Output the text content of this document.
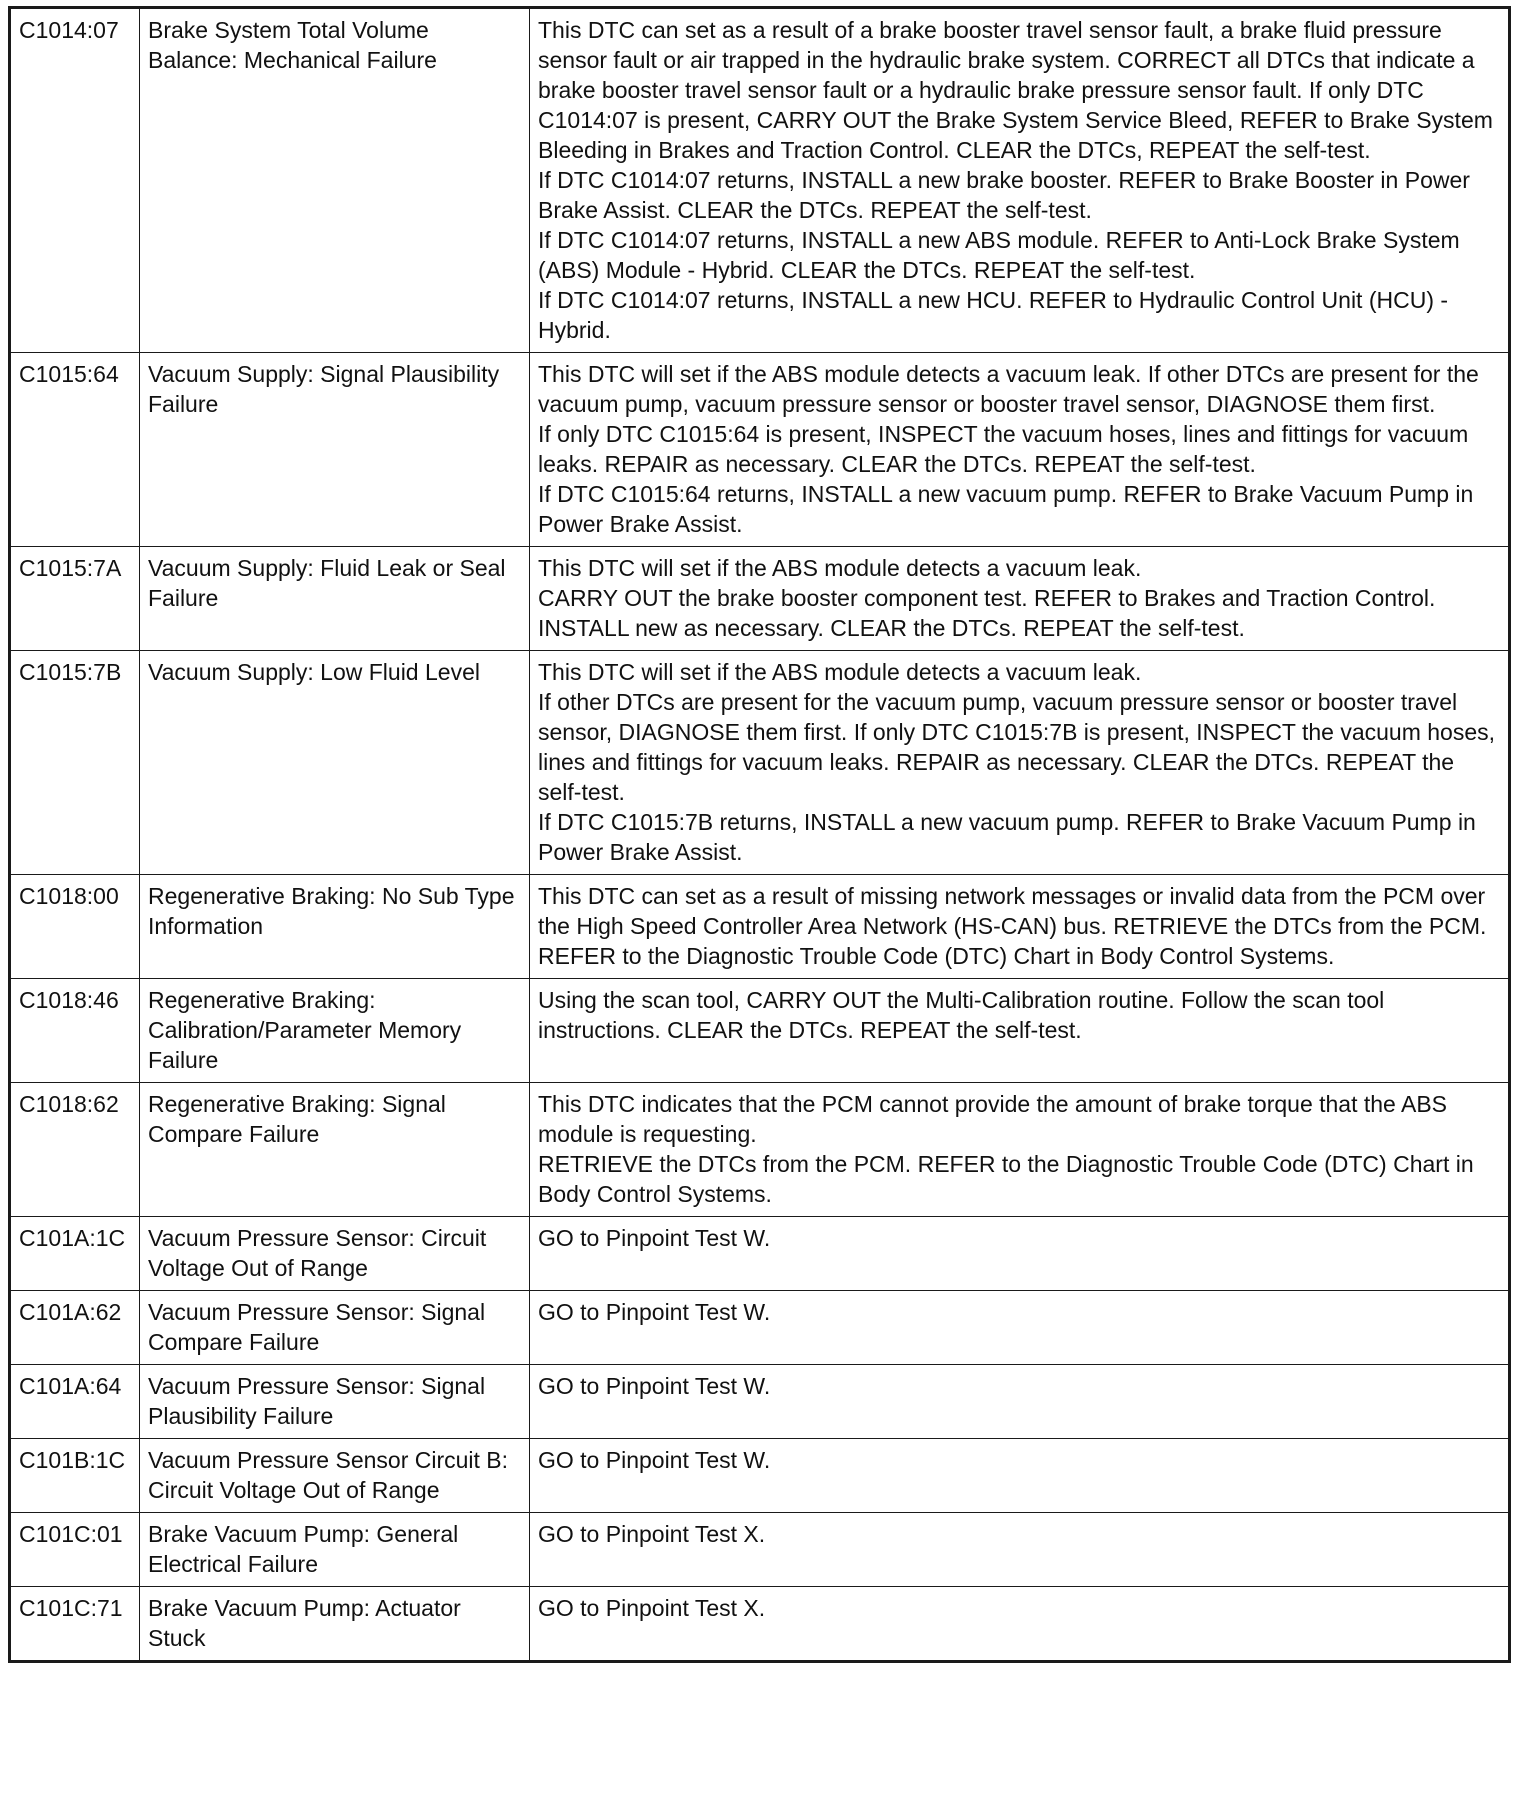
C1014:07	Brake System Total Volume Balance: Mechanical Failure	This DTC can set as a result of a brake booster travel sensor fault, a brake fluid pressure sensor fault or air trapped in the hydraulic brake system. CORRECT all DTCs that indicate a brake booster travel sensor fault or a hydraulic brake pressure sensor fault. If only DTC C1014:07 is present, CARRY OUT the Brake System Service Bleed, REFER to Brake System Bleeding in Brakes and Traction Control. CLEAR the DTCs, REPEAT the self-test.
If DTC C1014:07 returns, INSTALL a new brake booster. REFER to Brake Booster in Power Brake Assist. CLEAR the DTCs. REPEAT the self-test.
If DTC C1014:07 returns, INSTALL a new ABS module. REFER to Anti-Lock Brake System (ABS) Module - Hybrid. CLEAR the DTCs. REPEAT the self-test.
If DTC C1014:07 returns, INSTALL a new HCU. REFER to Hydraulic Control Unit (HCU) - Hybrid.

C1015:64	Vacuum Supply: Signal Plausibility Failure	This DTC will set if the ABS module detects a vacuum leak. If other DTCs are present for the vacuum pump, vacuum pressure sensor or booster travel sensor, DIAGNOSE them first.
If only DTC C1015:64 is present, INSPECT the vacuum hoses, lines and fittings for vacuum leaks. REPAIR as necessary. CLEAR the DTCs. REPEAT the self-test.
If DTC C1015:64 returns, INSTALL a new vacuum pump. REFER to Brake Vacuum Pump in Power Brake Assist.

C1015:7A	Vacuum Supply: Fluid Leak or Seal Failure	This DTC will set if the ABS module detects a vacuum leak.
CARRY OUT the brake booster component test. REFER to Brakes and Traction Control. INSTALL new as necessary. CLEAR the DTCs. REPEAT the self-test.

C1015:7B	Vacuum Supply: Low Fluid Level	This DTC will set if the ABS module detects a vacuum leak.
If other DTCs are present for the vacuum pump, vacuum pressure sensor or booster travel sensor, DIAGNOSE them first. If only DTC C1015:7B is present, INSPECT the vacuum hoses, lines and fittings for vacuum leaks. REPAIR as necessary. CLEAR the DTCs. REPEAT the self-test.
If DTC C1015:7B returns, INSTALL a new vacuum pump. REFER to Brake Vacuum Pump in Power Brake Assist.

C1018:00	Regenerative Braking: No Sub Type Information	This DTC can set as a result of missing network messages or invalid data from the PCM over the High Speed Controller Area Network (HS-CAN) bus. RETRIEVE the DTCs from the PCM. REFER to the Diagnostic Trouble Code (DTC) Chart in Body Control Systems.

C1018:46	Regenerative Braking: Calibration/Parameter Memory Failure	Using the scan tool, CARRY OUT the Multi-Calibration routine. Follow the scan tool instructions. CLEAR the DTCs. REPEAT the self-test.

C1018:62	Regenerative Braking: Signal Compare Failure	This DTC indicates that the PCM cannot provide the amount of brake torque that the ABS module is requesting.
RETRIEVE the DTCs from the PCM. REFER to the Diagnostic Trouble Code (DTC) Chart in Body Control Systems.

C101A:1C	Vacuum Pressure Sensor: Circuit Voltage Out of Range	GO to Pinpoint Test W.

C101A:62	Vacuum Pressure Sensor: Signal Compare Failure	GO to Pinpoint Test W.

C101A:64	Vacuum Pressure Sensor: Signal Plausibility Failure	GO to Pinpoint Test W.

C101B:1C	Vacuum Pressure Sensor Circuit B: Circuit Voltage Out of Range	GO to Pinpoint Test W.

C101C:01	Brake Vacuum Pump: General Electrical Failure	GO to Pinpoint Test X.

C101C:71	Brake Vacuum Pump: Actuator Stuck	GO to Pinpoint Test X.
